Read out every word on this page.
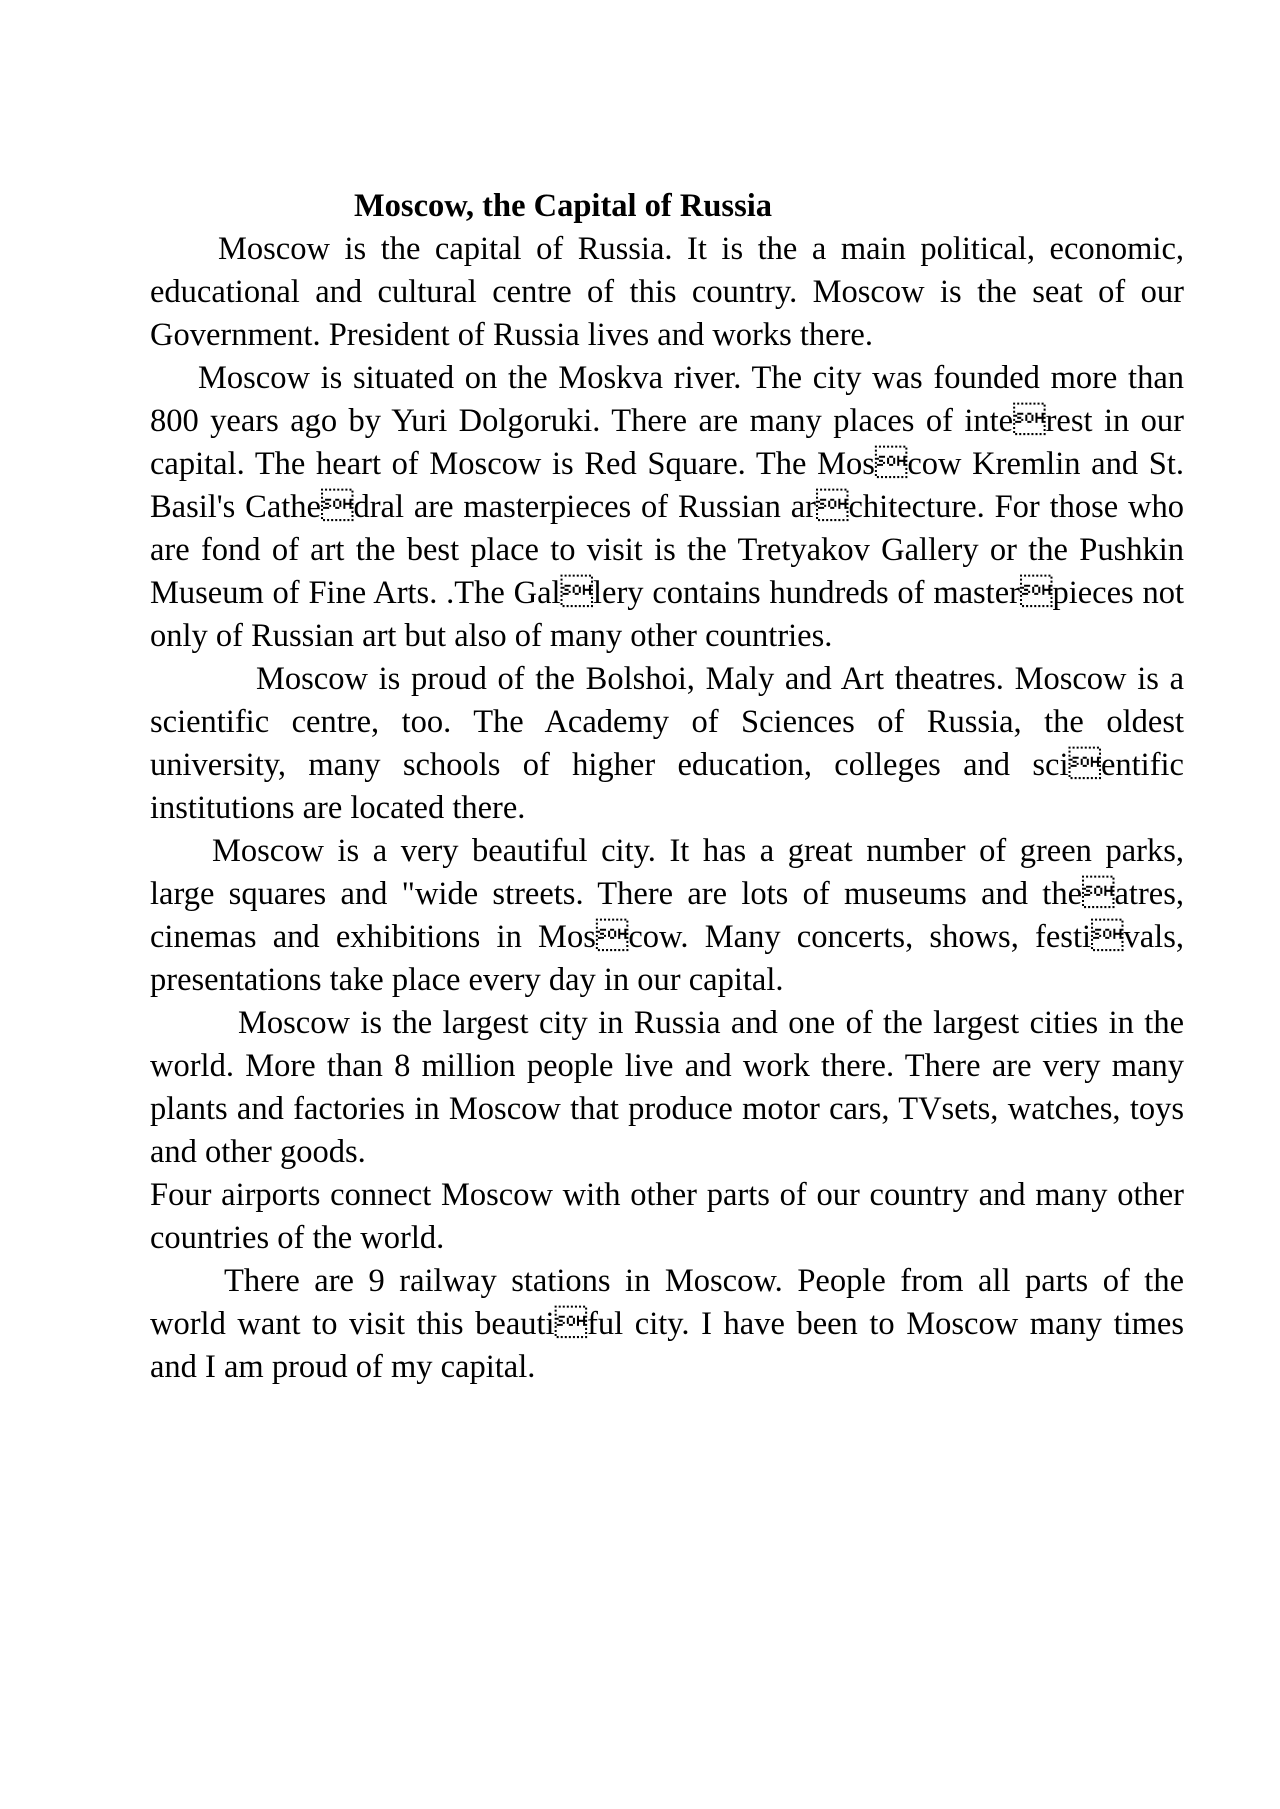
Moscow, the Capital of Russia

Moscow is the capital of Russia. It is the a main political, economic, educational and cultural centre of this country. Moscow is the seat of our Government. President of Russia lives and works there.

Moscow is situated on the Moskva river. The city was founded more than 800 years ago by Yuri Dolgoruki. There are many places of interest in our capital. The heart of Moscow is Red Square. The Moscow Kremlin and St. Basil's Cathedral are masterpieces of Russian architecture. For those who are fond of art the best place to visit is the Tretyakov Gallery or the Pushkin Museum of Fine Arts. .The Gallery contains hundreds of masterpieces not only of Russian art but also of many other countries.

Moscow is proud of the Bolshoi, Maly and Art theatres. Moscow is a scientific centre, too. The Academy of Sciences of Russia, the oldest university, many schools of higher education, colleges and scientific institutions are located there.

Moscow is a very beautiful city. It has a great number of green parks, large squares and "wide streets. There are lots of museums and theatres, cinemas and exhibitions in Moscow. Many concerts, shows, festivals, presentations take place every day in our capital.

Moscow is the largest city in Russia and one of the largest cities in the world. More than 8 million people live and work there. There are very many plants and factories in Moscow that produce motor cars, TVsets, watches, toys and other goods.

Four airports connect Moscow with other parts of our country and many other countries of the world.

There are 9 railway stations in Moscow. People from all parts of the world want to visit this beautiful city. I have been to Moscow many times and I am proud of my capital.
